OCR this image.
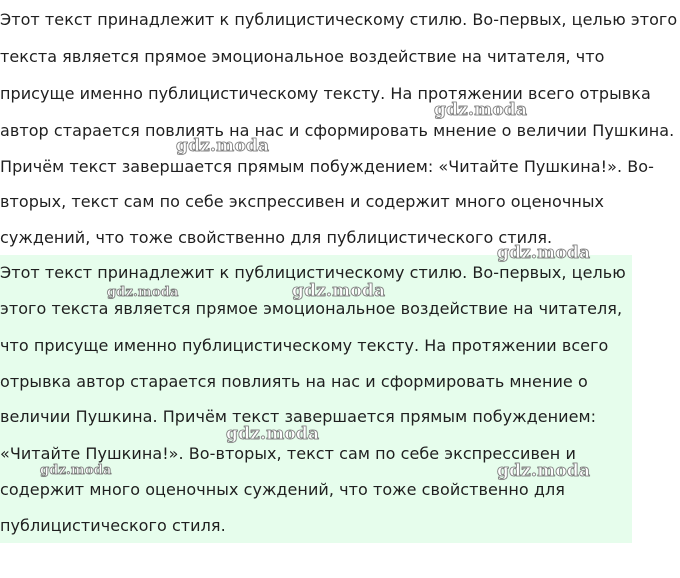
Этот текст принадлежит к публицистическому стилю. Во-первых, целью этого
текста является прямое эмоциональное воздействие на читателя, что
присуще именно публицистическому тексту. На протяжении всего отрывка
автор старается повлиять на нас и сформировать мнение о величии Пушкина.
Причём текст завершается прямым побуждением: «Читайте Пушкина!». Во-
вторых, текст сам по себе экспрессивен и содержит много оценочных
суждений, что тоже свойственно для публицистического стиля.
Этот текст принадлежит к публицистическому стилю. Во-первых, целью
этого текста является прямое эмоциональное воздействие на читателя,
что присуще именно публицистическому тексту. На протяжении всего
отрывка автор старается повлиять на нас и сформировать мнение о
величии Пушкина. Причём текст завершается прямым побуждением:
«Читайте Пушкина!». Во-вторых, текст сам по себе экспрессивен и
содержит много оценочных суждений, что тоже свойственно для
публицистического стиля.
gdz.moda
gdz.moda
gdz.moda
gdz.moda	gdz.moda
gdz.moda
gdz.moda	gdz.moda
